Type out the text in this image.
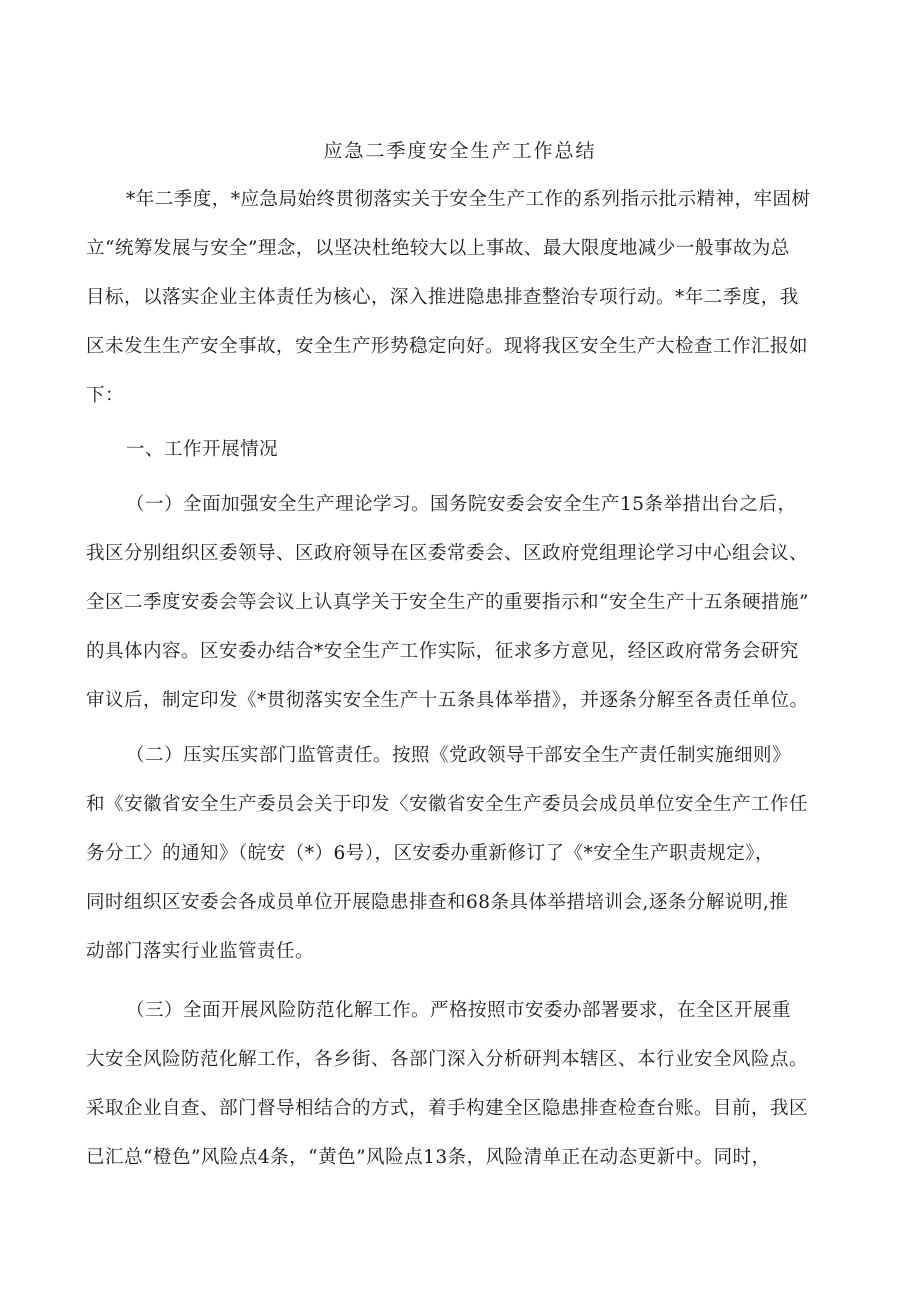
应急二季度安全生产工作总结
*年二季度，*应急局始终贯彻落实关于安全生产工作的系列指示批示精神，牢固树
立“统筹发展与安全”理念，以坚决杜绝较大以上事故、最大限度地减少一般事故为总
目标，以落实企业主体责任为核心，深入推进隐患排查整治专项行动。*年二季度，我
区未发生生产安全事故，安全生产形势稳定向好。现将我区安全生产大检查工作汇报如
下：
一、工作开展情况
（一）全面加强安全生产理论学习。国务院安委会安全生产15条举措出台之后，
我区分别组织区委领导、区政府领导在区委常委会、区政府党组理论学习中心组会议、
全区二季度安委会等会议上认真学关于安全生产的重要指示和“安全生产十五条硬措施”
的具体内容。区安委办结合*安全生产工作实际，征求多方意见，经区政府常务会研究
审议后，制定印发《*贯彻落实安全生产十五条具体举措》，并逐条分解至各责任单位。
（二）压实压实部门监管责任。按照《党政领导干部安全生产责任制实施细则》
和《安徽省安全生产委员会关于印发〈安徽省安全生产委员会成员单位安全生产工作任
务分工〉的通知》（皖安（*）6号），区安委办重新修订了《*安全生产职责规定》，
同时组织区安委会各成员单位开展隐患排查和68条具体举措培训会,逐条分解说明,推
动部门落实行业监管责任。
（三）全面开展风险防范化解工作。严格按照市安委办部署要求，在全区开展重
大安全风险防范化解工作，各乡街、各部门深入分析研判本辖区、本行业安全风险点。
采取企业自查、部门督导相结合的方式，着手构建全区隐患排查检查台账。目前，我区
已汇总“橙色”风险点4条，“黄色”风险点13条，风险清单正在动态更新中。同时，
